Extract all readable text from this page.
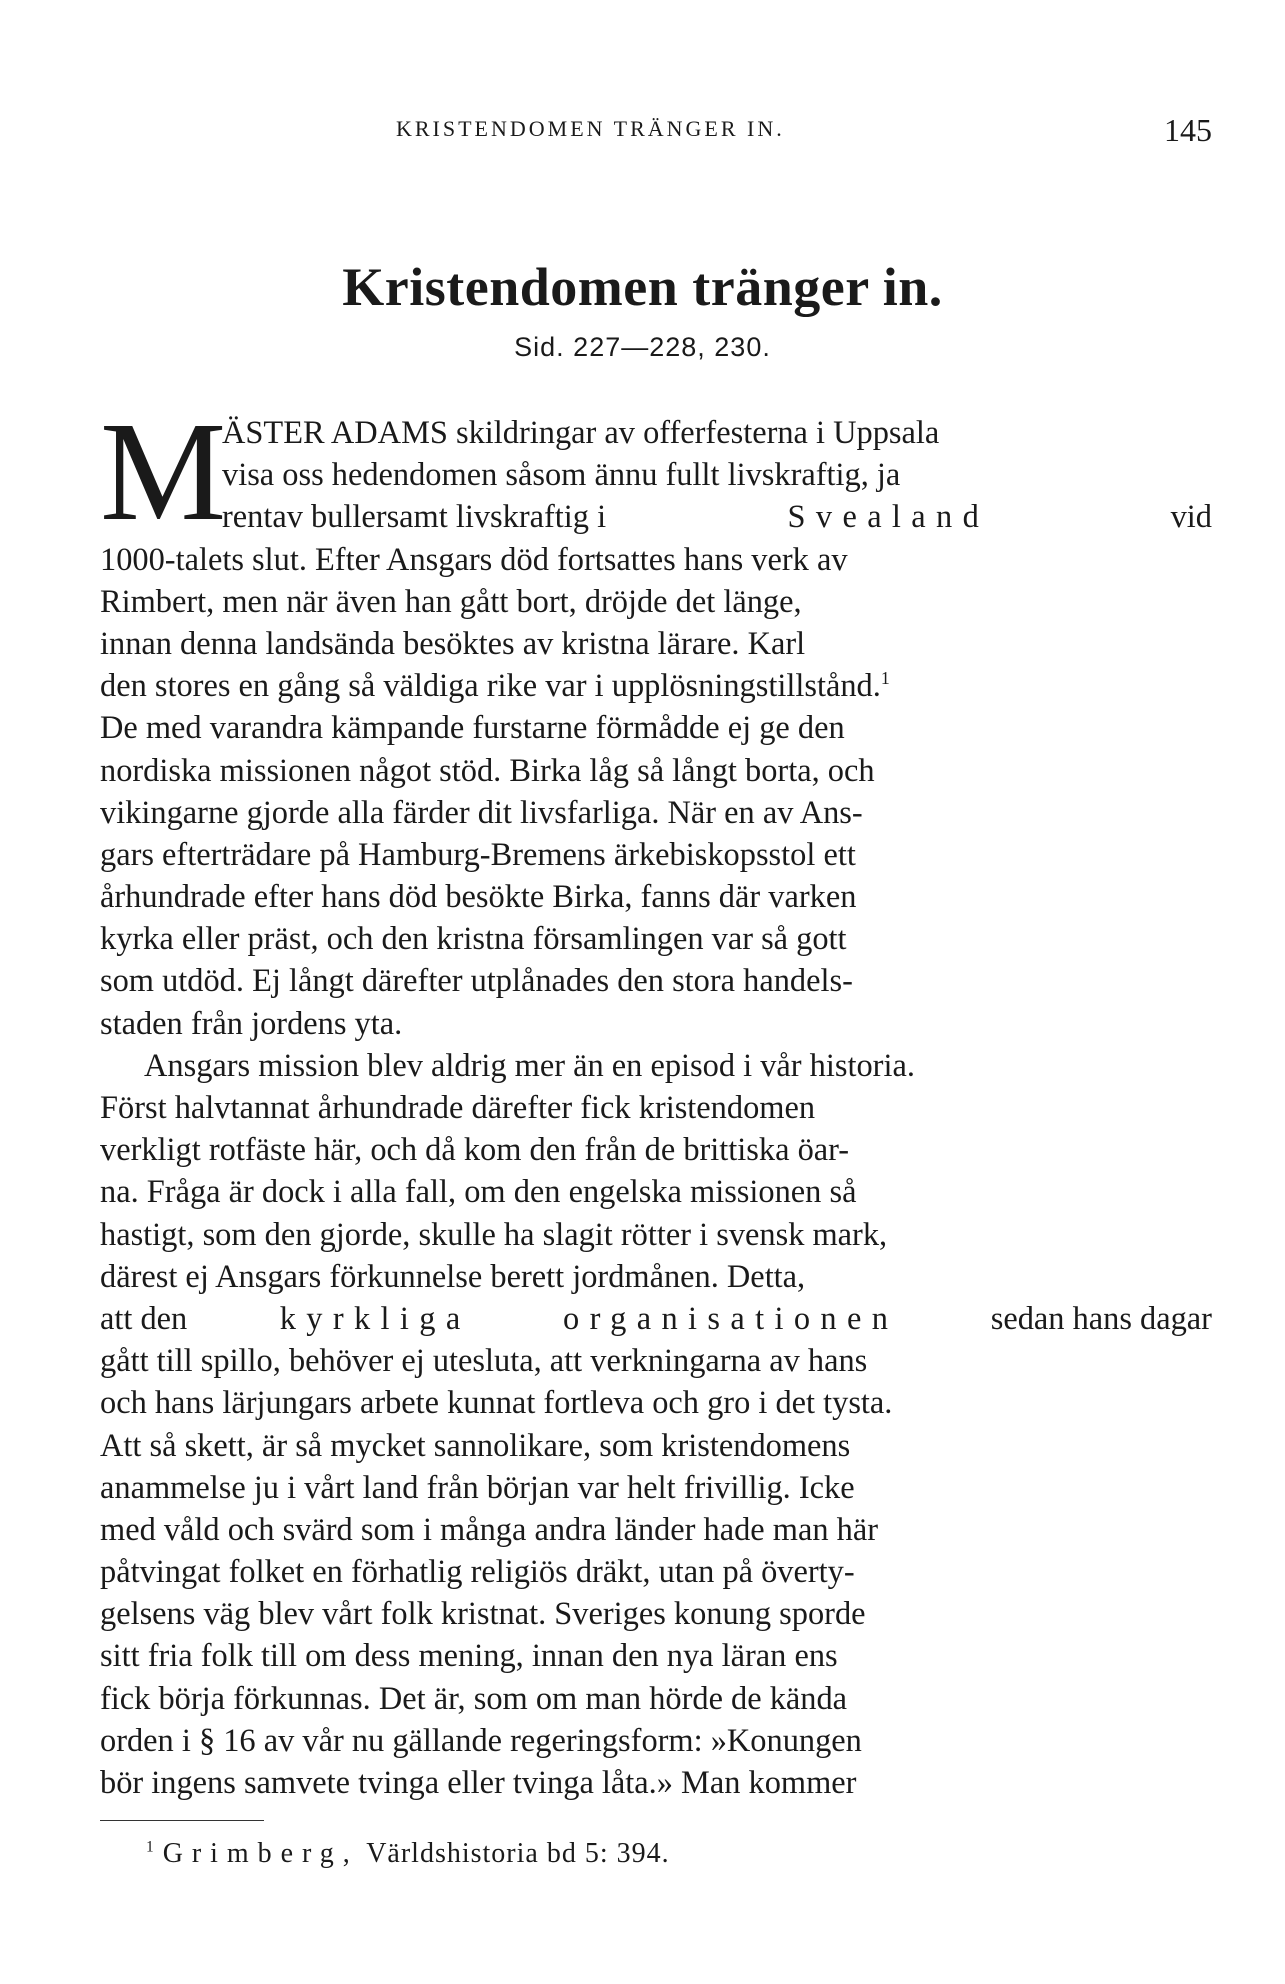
KRISTENDOMEN TRÄNGER IN.	145
Kristendomen tränger in.
Sid. 227—228, 230.
M
ÄSTER ADAMS skildringar av offerfesterna i Uppsala
visa oss hedendomen såsom ännu fullt livskraftig, ja
rentav bullersamt livskraftig i	Svealand	vid
1000-talets slut. Efter Ansgars död fortsattes hans verk av
Rimbert, men när även han gått bort, dröjde det länge,
innan denna landsända besöktes av kristna lärare. Karl
den stores en gång så väldiga rike var i upplösningstillstånd.$^1$
De med varandra kämpande furstarne förmådde ej ge den
nordiska missionen något stöd. Birka låg så långt borta, och
vikingarne gjorde alla färder dit livsfarliga. När en av Ans-
gars efterträdare på Hamburg-Bremens ärkebiskopsstol ett
århundrade efter hans död besökte Birka, fanns där varken
kyrka eller präst, och den kristna församlingen var så gott
som utdöd. Ej långt därefter utplånades den stora handels-
staden från jordens yta.
Ansgars mission blev aldrig mer än en episod i vår historia.
Först halvtannat århundrade därefter fick kristendomen
verkligt rotfäste här, och då kom den från de brittiska öar-
na. Fråga är dock i alla fall, om den engelska missionen så
hastigt, som den gjorde, skulle ha slagit rötter i svensk mark,
därest ej Ansgars förkunnelse berett jordmånen. Detta,
att den	kyrkliga	organisationen	sedan hans dagar
gått till spillo, behöver ej utesluta, att verkningarna av hans
och hans lärjungars arbete kunnat fortleva och gro i det tysta.
Att så skett, är så mycket sannolikare, som kristendomens
anammelse ju i vårt land från början var helt frivillig. Icke
med våld och svärd som i många andra länder hade man här
påtvingat folket en förhatlig religiös dräkt, utan på överty-
gelsens väg blev vårt folk kristnat. Sveriges konung sporde
sitt fria folk till om dess mening, innan den nya läran ens
fick börja förkunnas. Det är, som om man hörde de kända
orden i § 16 av vår nu gällande regeringsform: »Konungen
bör ingens samvete tvinga eller tvinga låta.» Man kommer
$^1$ Grimberg, Världshistoria bd 5: 394.
